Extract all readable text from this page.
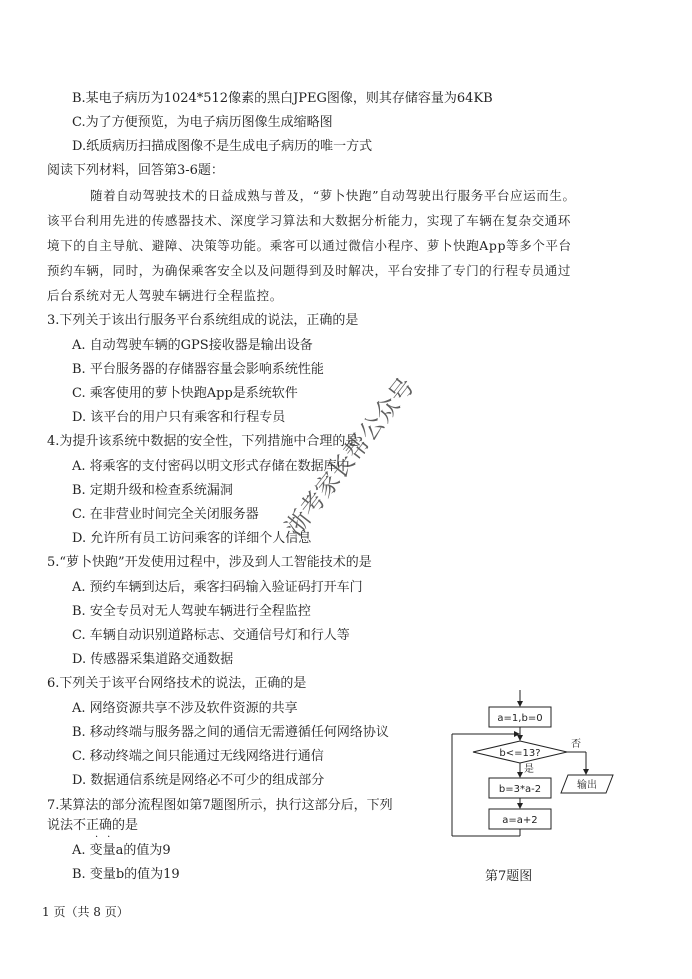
B.某电子病历为1024*512像素的黑白JPEG图像，则其存储容量为64KB
C.为了方便预览，为电子病历图像生成缩略图
D.纸质病历扫描成图像不是生成电子病历的唯一方式
阅读下列材料，回答第3-6题：
随着自动驾驶技术的日益成熟与普及，“萝卜快跑”自动驾驶出行服务平台应运而生。
该平台利用先进的传感器技术、深度学习算法和大数据分析能力，实现了车辆在复杂交通环
境下的自主导航、避障、决策等功能。乘客可以通过微信小程序、萝卜快跑App等多个平台
预约车辆，同时，为确保乘客安全以及问题得到及时解决，平台安排了专门的行程专员通过
后台系统对无人驾驶车辆进行全程监控。
3.下列关于该出行服务平台系统组成的说法，正确的是
A. 自动驾驶车辆的GPS接收器是输出设备
B. 平台服务器的存储器容量会影响系统性能
C. 乘客使用的萝卜快跑App是系统软件
D. 该平台的用户只有乘客和行程专员
4.为提升该系统中数据的安全性，下列措施中合理的是
A. 将乘客的支付密码以明文形式存储在数据库中
B. 定期升级和检查系统漏洞
C. 在非营业时间完全关闭服务器
D. 允许所有员工访问乘客的详细个人信息
5.“萝卜快跑”开发使用过程中，涉及到人工智能技术的是
A. 预约车辆到达后，乘客扫码输入验证码打开车门
B. 安全专员对无人驾驶车辆进行全程监控
C. 车辆自动识别道路标志、交通信号灯和行人等
D. 传感器采集道路交通数据
6.下列关于该平台网络技术的说法，正确的是
A. 网络资源共享不涉及软件资源的共享
B. 移动终端与服务器之间的通信无需遵循任何网络协议
C. 移动终端之间只能通过无线网络进行通信
D. 数据通信系统是网络必不可少的组成部分
7.某算法的部分流程图如第7题图所示，执行这部分后，下列
说法不正确的是
··
A. 变量a的值为9
B. 变量b的值为19
a=1,b=0
b<=13?
否
是
b=3*a-2
a=a+2
输出
第7题图
浙考家长帮公众号
1 页（共 8 页）
